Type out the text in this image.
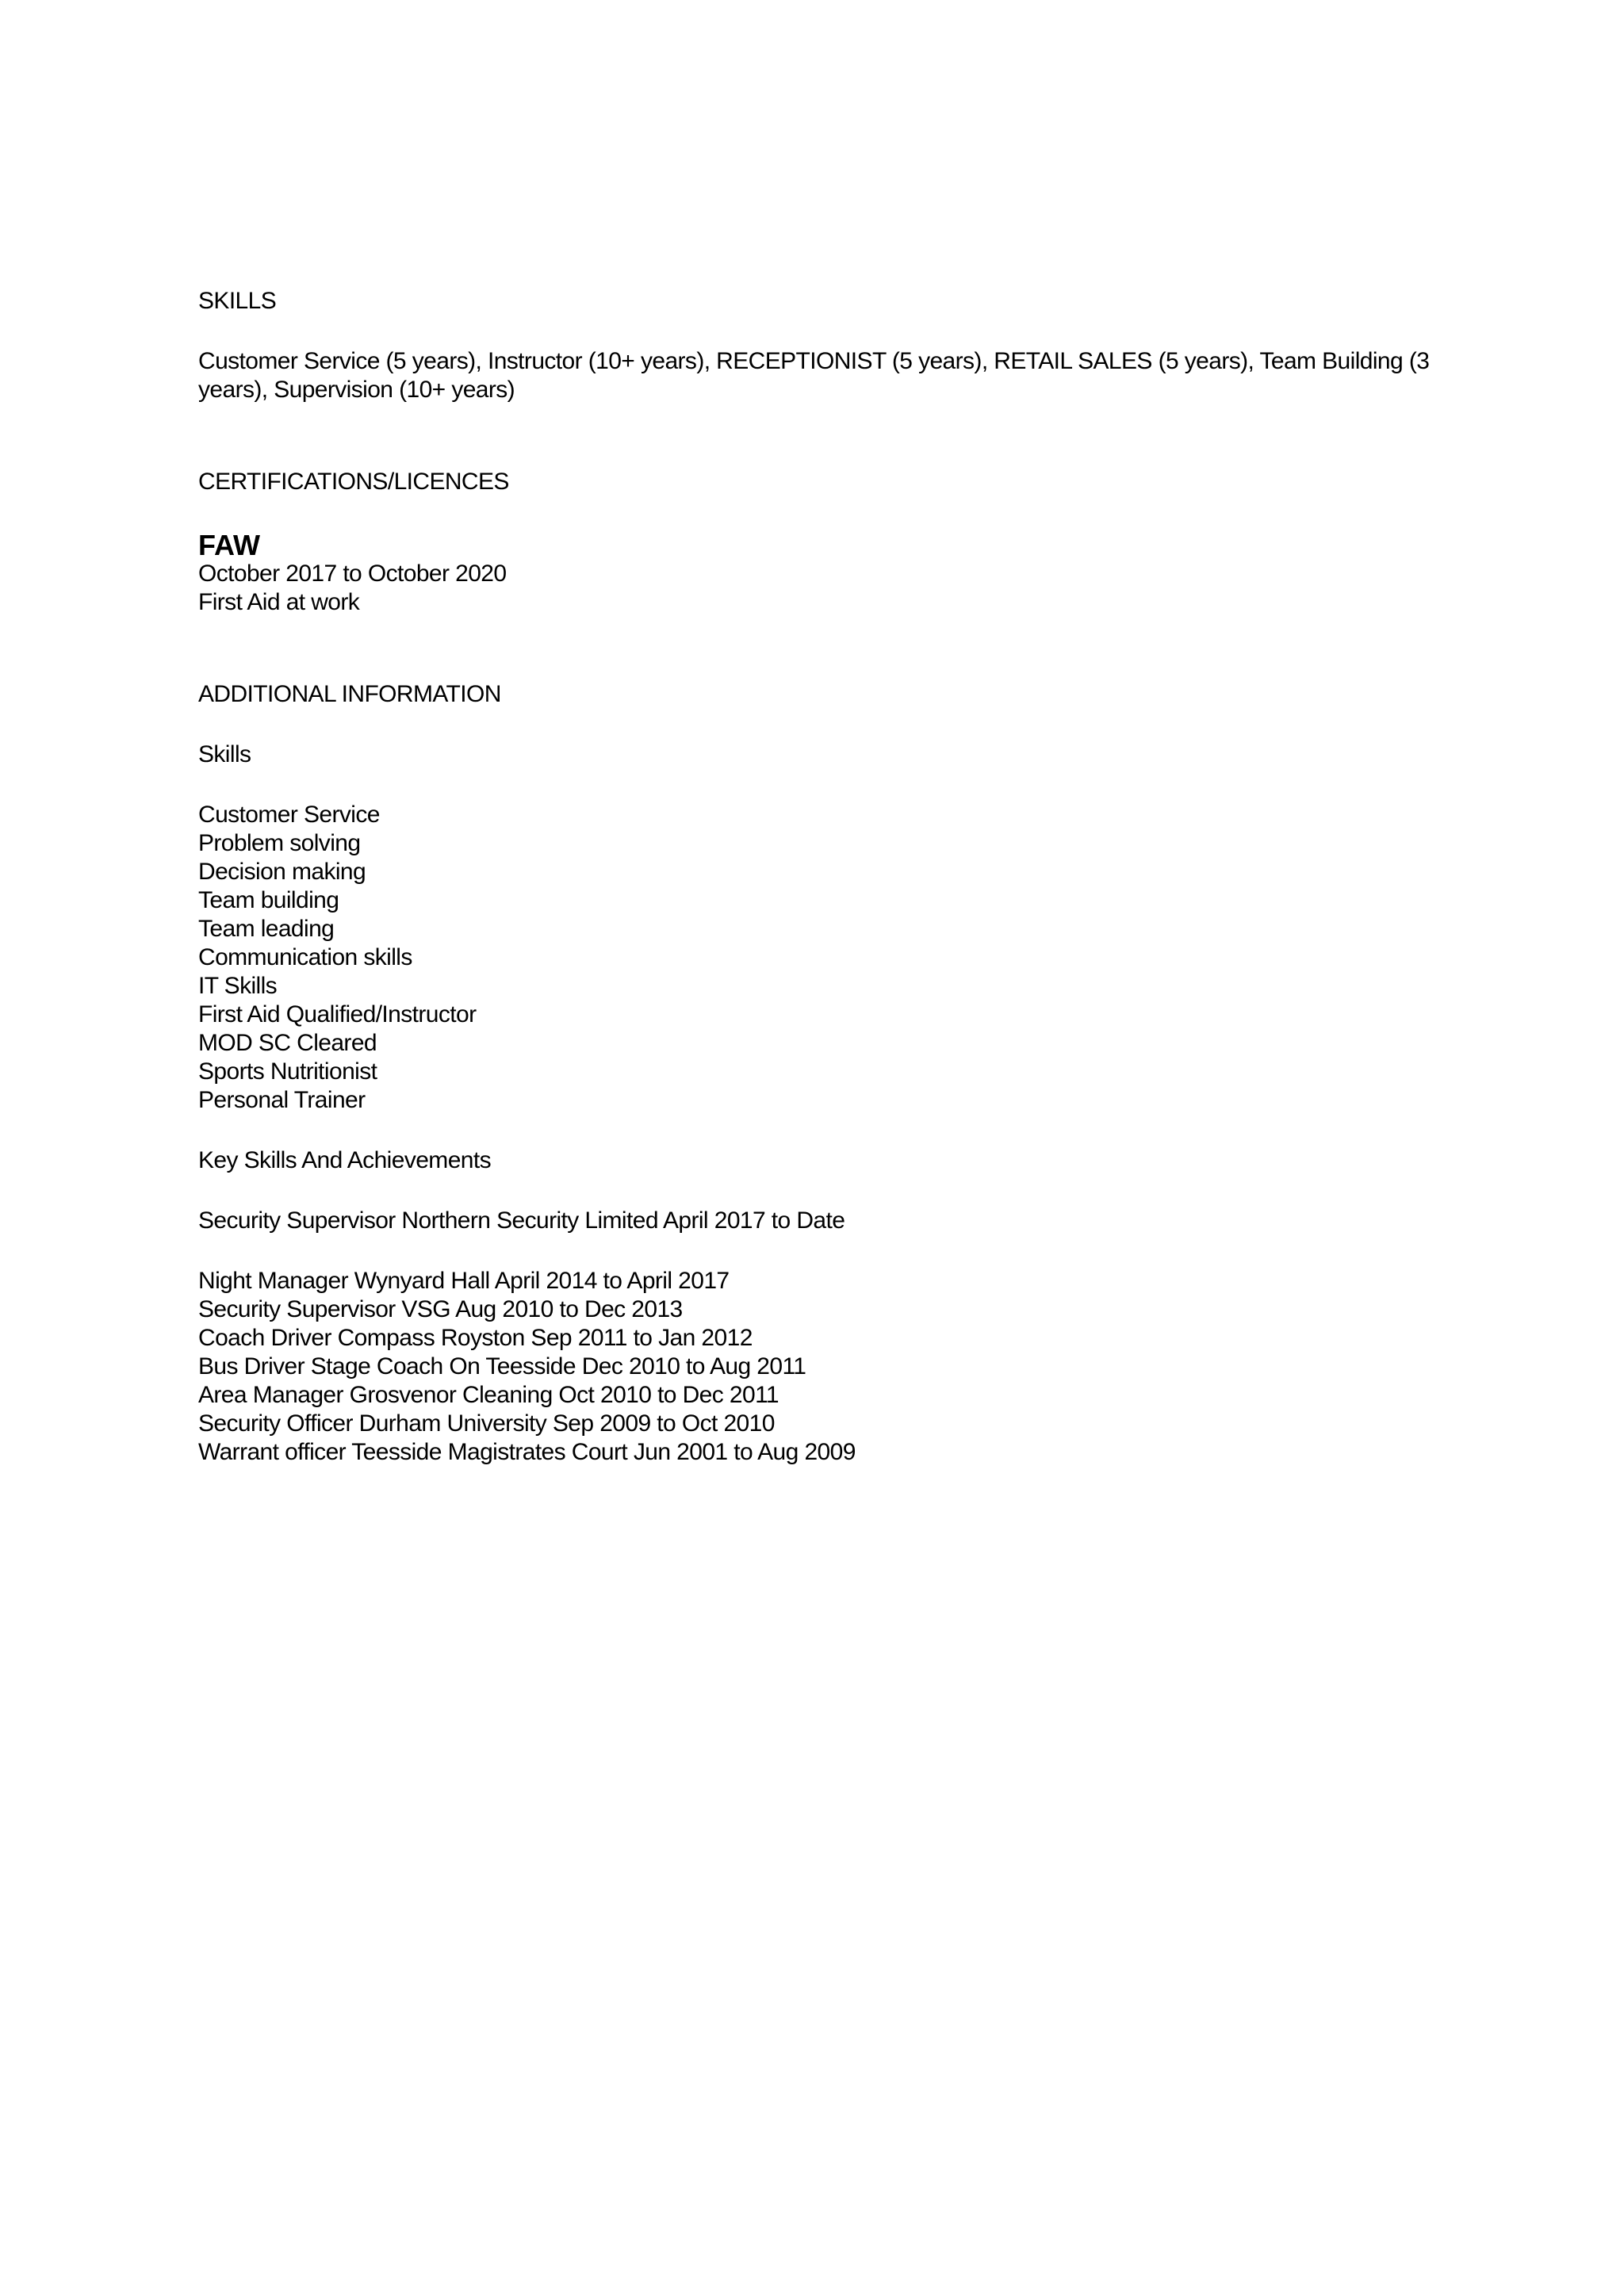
SKILLS

Customer Service (5 years), Instructor (10+ years), RECEPTIONIST (5 years), RETAIL SALES (5 years), Team Building (3 years), Supervision (10+ years)

CERTIFICATIONS/LICENCES
FAW
October 2017 to October 2020
First Aid at work
ADDITIONAL INFORMATION
Skills
Customer Service
Problem solving
Decision making
Team building
Team leading
Communication skills
IT Skills
First Aid Qualified/Instructor
MOD SC Cleared
Sports Nutritionist
Personal Trainer
Key Skills And Achievements
Security Supervisor Northern Security Limited April 2017 to Date
Night Manager Wynyard Hall April 2014 to April 2017
Security Supervisor VSG Aug 2010 to Dec 2013
Coach Driver Compass Royston Sep 2011 to Jan 2012
Bus Driver Stage Coach On Teesside Dec 2010 to Aug 2011
Area Manager Grosvenor Cleaning Oct 2010 to Dec 2011
Security Officer Durham University Sep 2009 to Oct 2010
Warrant officer Teesside Magistrates Court Jun 2001 to Aug 2009
